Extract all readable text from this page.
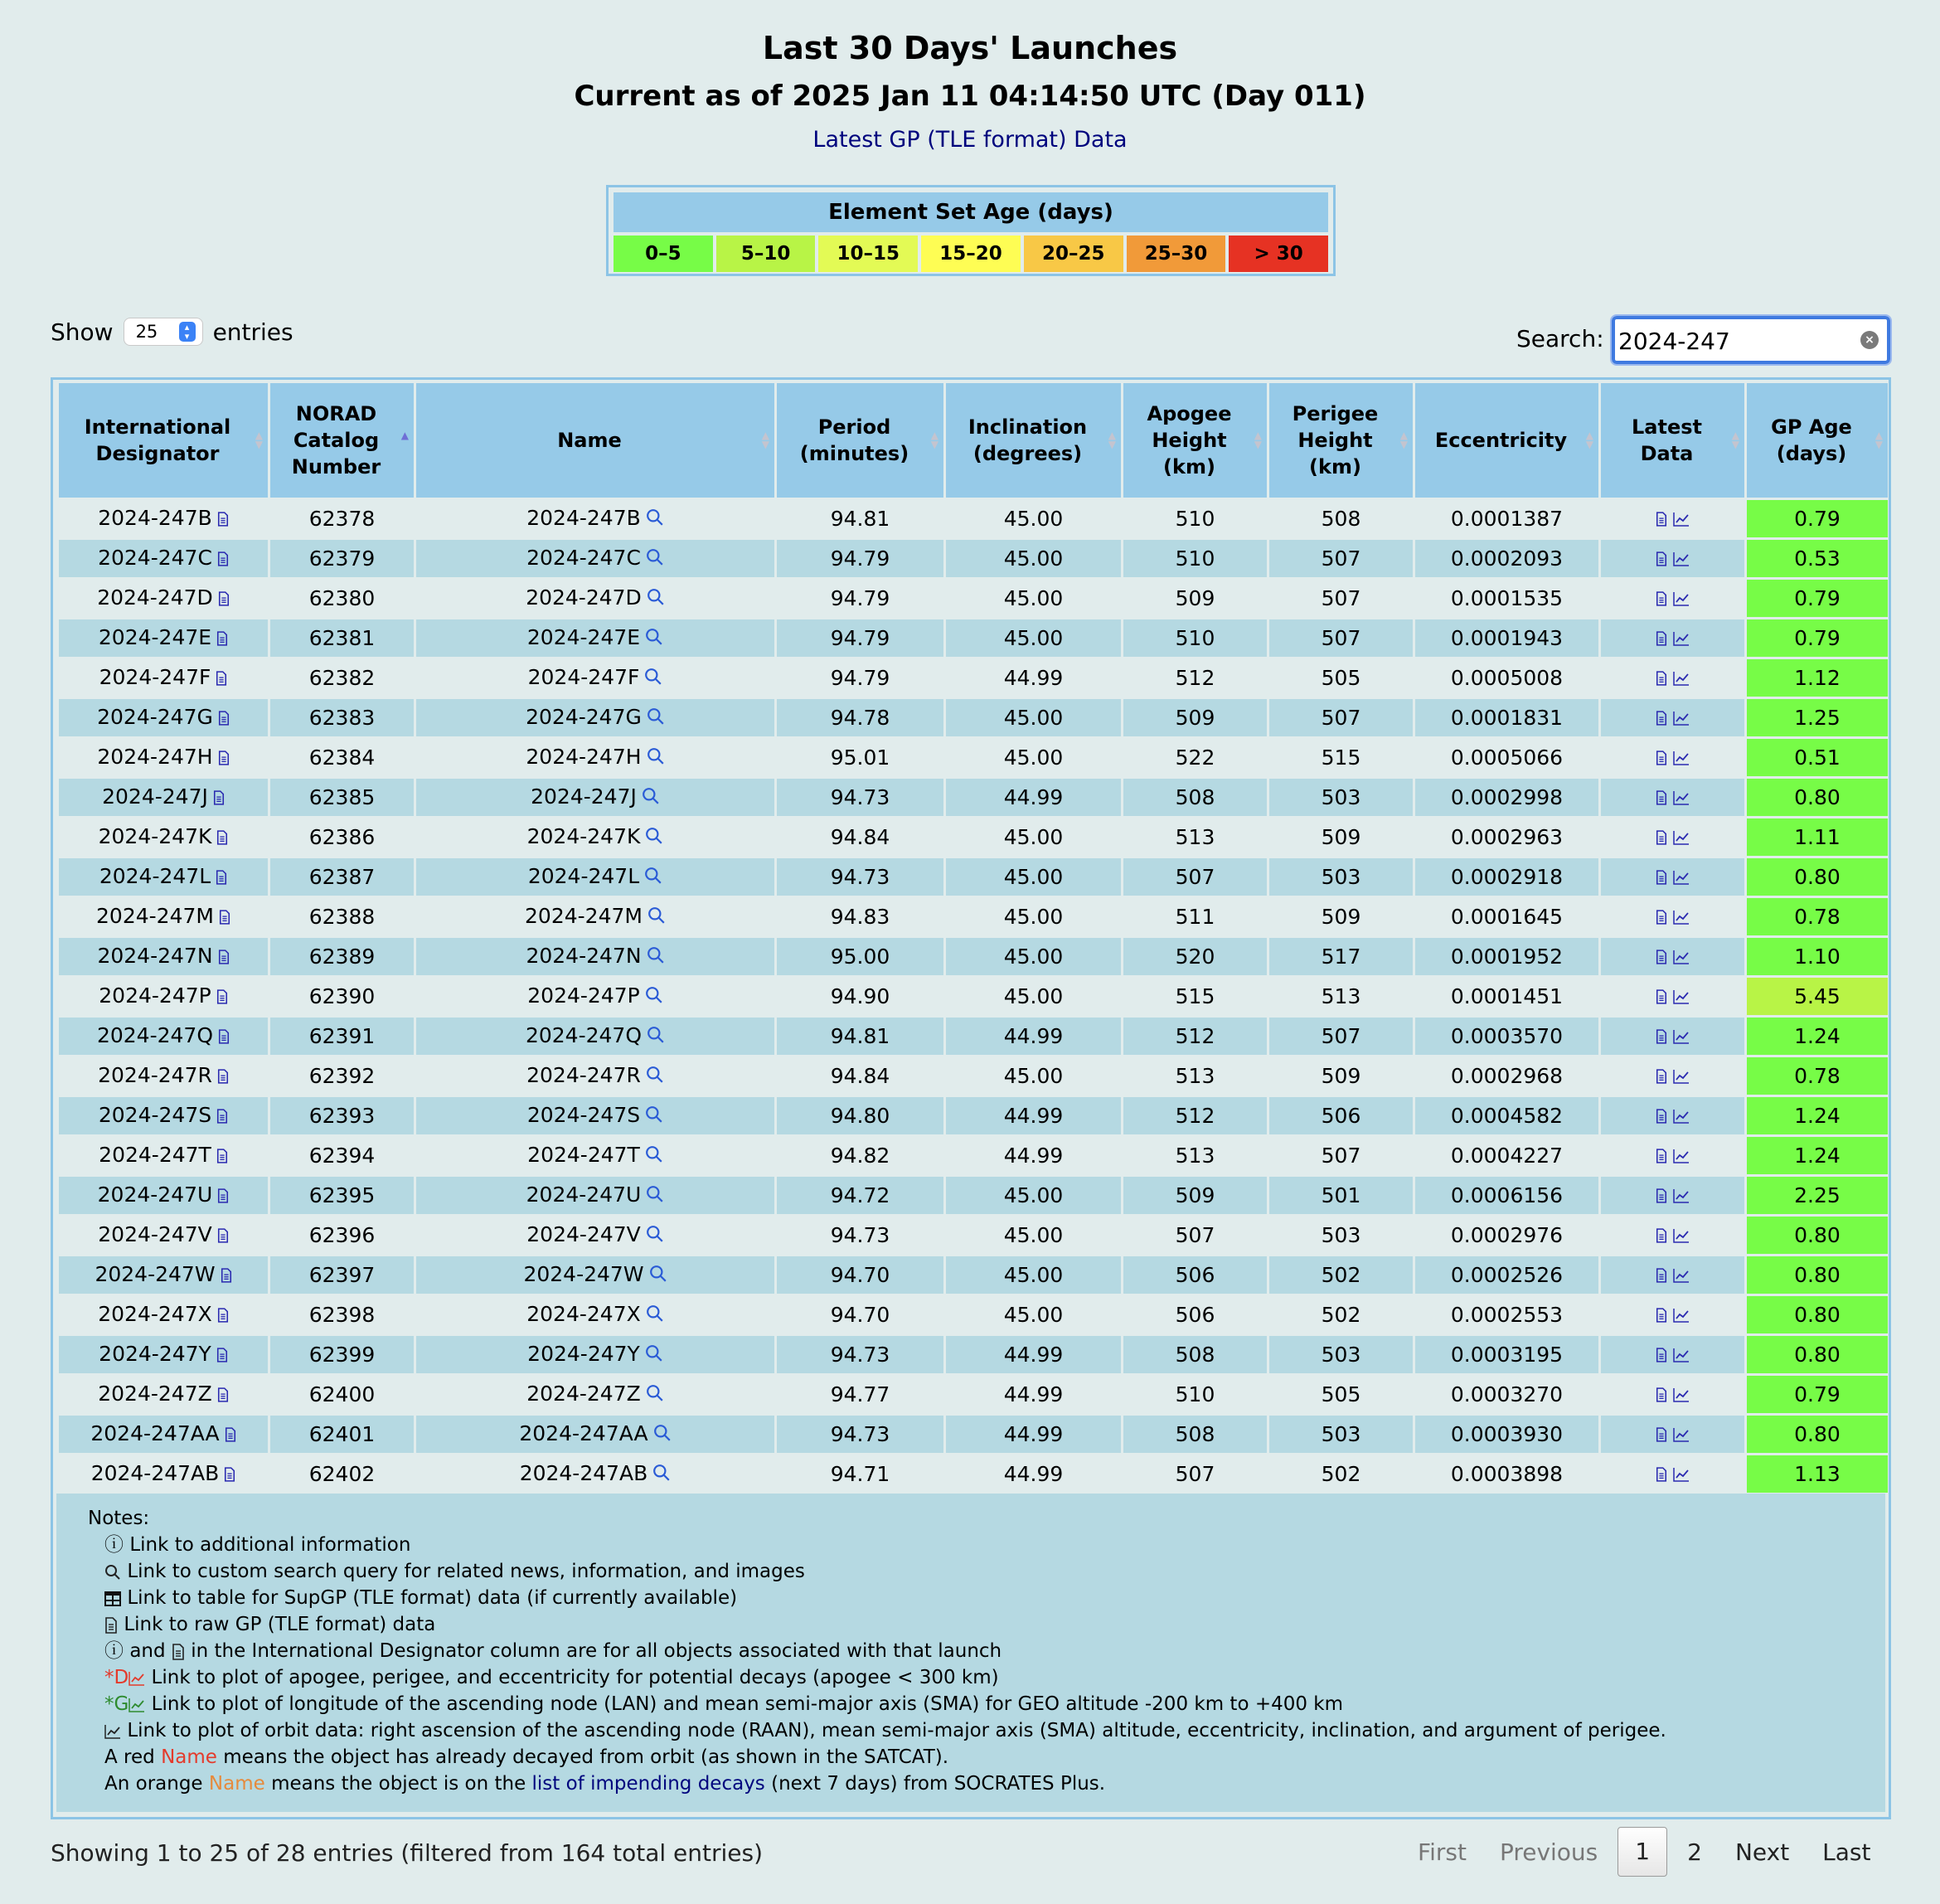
Last 30 Days' Launches
Current as of 2025 Jan 11 04:14:50 UTC (Day 011)
Latest GP (TLE format) Data
Element Set Age (days)
0–5	5–10	10–15	15–20	20–25	25–30	> 30
Show 25	▴
▾ entries	Search:
2024-247	×
International Designator
▲
▼	NORAD Catalog Number
▲	Name ▲
▼	Period (minutes)
▲
▼	Inclination (degrees)
▲
▼	Apogee Height (km)
▲
▼	Perigee Height (km)
▲
▼	Eccentricity ▲
▼	Latest Data
▲
▼	GP Age (days)
▲
▼

2024-247B	62378	2024-247B	94.81	45.00	510	508	0.0001387		0.79
2024-247C	62379	2024-247C	94.79	45.00	510	507	0.0002093		0.53
2024-247D	62380	2024-247D	94.79	45.00	509	507	0.0001535		0.79
2024-247E	62381	2024-247E	94.79	45.00	510	507	0.0001943		0.79
2024-247F	62382	2024-247F	94.79	44.99	512	505	0.0005008		1.12
2024-247G	62383	2024-247G	94.78	45.00	509	507	0.0001831		1.25
2024-247H	62384	2024-247H	95.01	45.00	522	515	0.0005066		0.51
2024-247J	62385	2024-247J	94.73	44.99	508	503	0.0002998		0.80
2024-247K	62386	2024-247K	94.84	45.00	513	509	0.0002963		1.11
2024-247L	62387	2024-247L	94.73	45.00	507	503	0.0002918		0.80
2024-247M	62388	2024-247M	94.83	45.00	511	509	0.0001645		0.78
2024-247N	62389	2024-247N	95.00	45.00	520	517	0.0001952		1.10
2024-247P	62390	2024-247P	94.90	45.00	515	513	0.0001451		5.45
2024-247Q	62391	2024-247Q	94.81	44.99	512	507	0.0003570		1.24
2024-247R	62392	2024-247R	94.84	45.00	513	509	0.0002968		0.78
2024-247S	62393	2024-247S	94.80	44.99	512	506	0.0004582		1.24
2024-247T	62394	2024-247T	94.82	44.99	513	507	0.0004227		1.24
2024-247U	62395	2024-247U	94.72	45.00	509	501	0.0006156		2.25
2024-247V	62396	2024-247V	94.73	45.00	507	503	0.0002976		0.80
2024-247W	62397	2024-247W	94.70	45.00	506	502	0.0002526		0.80
2024-247X	62398	2024-247X	94.70	45.00	506	502	0.0002553		0.80
2024-247Y	62399	2024-247Y	94.73	44.99	508	503	0.0003195		0.80
2024-247Z	62400	2024-247Z	94.77	44.99	510	505	0.0003270		0.79
2024-247AA	62401	2024-247AA	94.73	44.99	508	503	0.0003930		0.80
2024-247AB	62402	2024-247AB	94.71	44.99	507	502	0.0003898		1.13
Notes:
ⓘ Link to additional information
Link to custom search query for related news, information, and images
Link to table for SupGP (TLE format) data (if currently available)
Link to raw GP (TLE format) data
ⓘ and in the International Designator column are for all objects associated with that launch
*D Link to plot of apogee, perigee, and eccentricity for potential decays (apogee < 300 km)
*G Link to plot of longitude of the ascending node (LAN) and mean semi-major axis (SMA) for GEO altitude -200 km to +400 km
Link to plot of orbit data: right ascension of the ascending node (RAAN), mean semi-major axis (SMA) altitude, eccentricity, inclination, and argument of perigee.
A red Name means the object has already decayed from orbit (as shown in the SATCAT).
An orange Name means the object is on the list of impending decays (next 7 days) from SOCRATES Plus.
Showing 1 to 25 of 28 entries (filtered from 164 total entries)	First	Previous	1	2	Next	Last
